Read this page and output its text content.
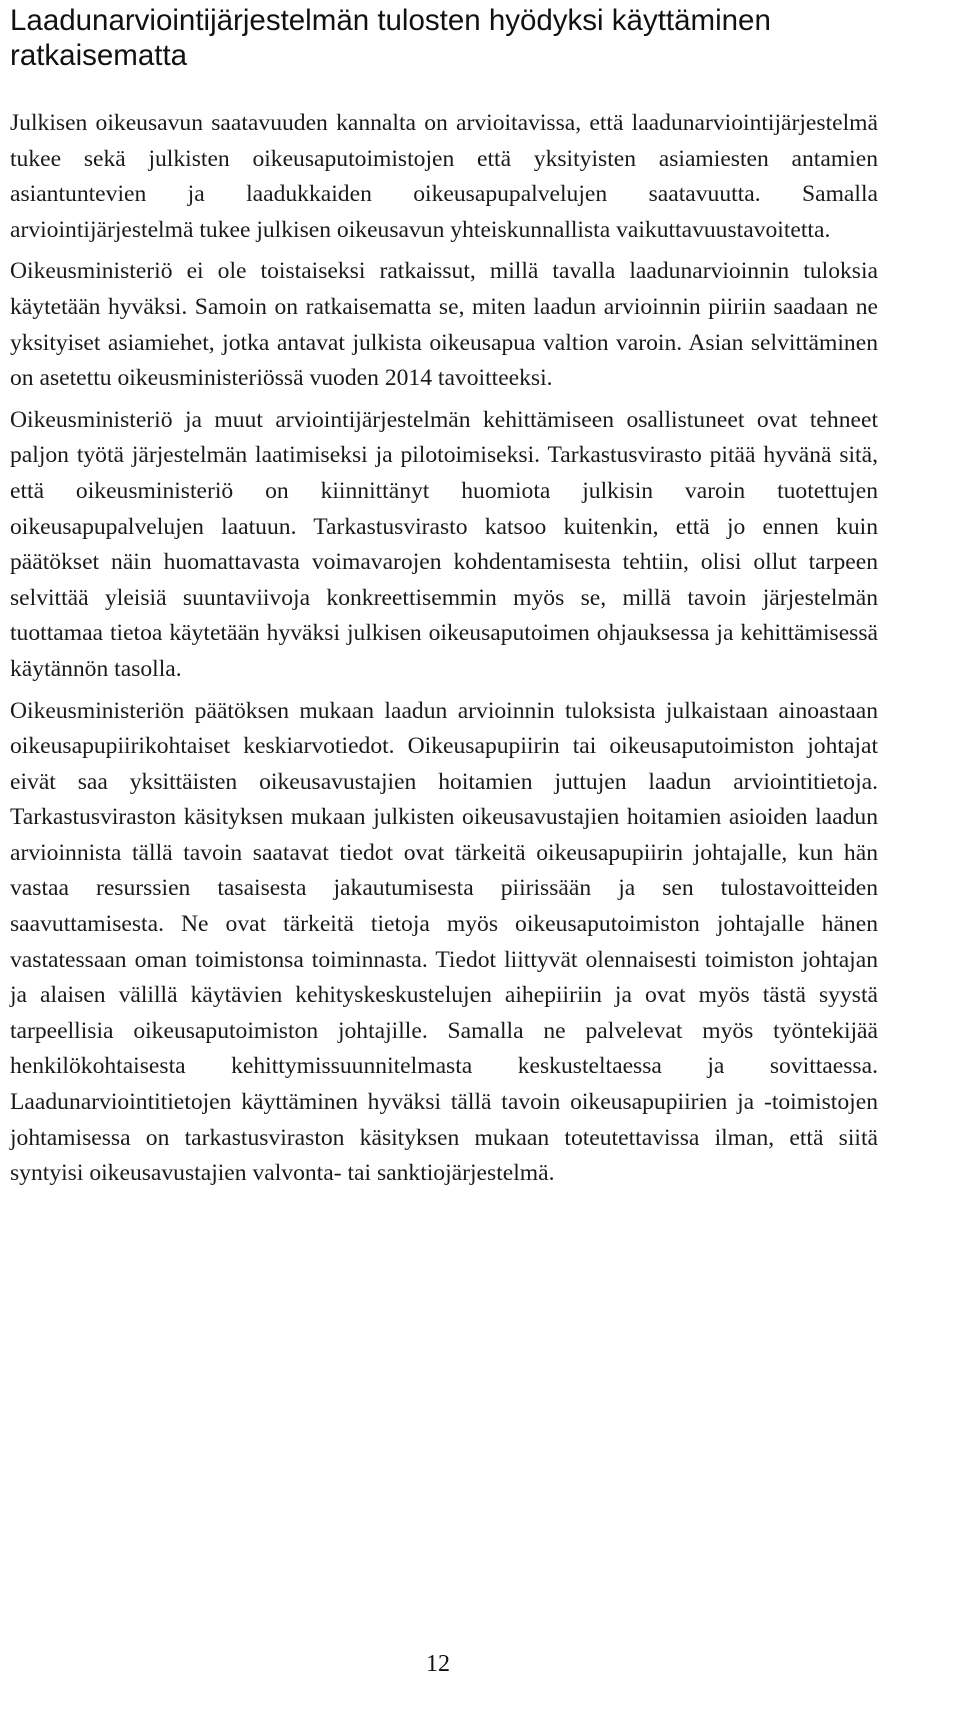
Laadunarviointijärjestelmän tulosten hyödyksi käyttäminen ratkaisematta

Julkisen oikeusavun saatavuuden kannalta on arvioitavissa, että laadunarviointijärjestelmä tukee sekä julkisten oikeusaputoimistojen että yksityisten asiamiesten antamien asiantuntevien ja laadukkaiden oikeusapupalvelujen saatavuutta. Samalla arviointijärjestelmä tukee julkisen oikeusavun yhteiskunnallista vaikuttavuustavoitetta.

Oikeusministeriö ei ole toistaiseksi ratkaissut, millä tavalla laadunarvioinnin tuloksia käytetään hyväksi. Samoin on ratkaisematta se, miten laadun arvioinnin piiriin saadaan ne yksityiset asiamiehet, jotka antavat julkista oikeusapua valtion varoin. Asian selvittäminen on asetettu oikeusministeriössä vuoden 2014 tavoitteeksi.

Oikeusministeriö ja muut arviointijärjestelmän kehittämiseen osallistuneet ovat tehneet paljon työtä järjestelmän laatimiseksi ja pilotoimiseksi. Tarkastusvirasto pitää hyvänä sitä, että oikeusministeriö on kiinnittänyt huomiota julkisin varoin tuotettujen oikeusapupalvelujen laatuun. Tarkastusvirasto katsoo kuitenkin, että jo ennen kuin päätökset näin huomattavasta voimavarojen kohdentamisesta tehtiin, olisi ollut tarpeen selvittää yleisiä suuntaviivoja konkreettisemmin myös se, millä tavoin järjestelmän tuottamaa tietoa käytetään hyväksi julkisen oikeusaputoimen ohjauksessa ja kehittämisessä käytännön tasolla.

Oikeusministeriön päätöksen mukaan laadun arvioinnin tuloksista julkaistaan ainoastaan oikeusapupiirikohtaiset keskiarvotiedot. Oikeusapupiirin tai oikeusaputoimiston johtajat eivät saa yksittäisten oikeusavustajien hoitamien juttujen laadun arviointitietoja. Tarkastusviraston käsityksen mukaan julkisten oikeusavustajien hoitamien asioiden laadun arvioinnista tällä tavoin saatavat tiedot ovat tärkeitä oikeusapupiirin johtajalle, kun hän vastaa resurssien tasaisesta jakautumisesta piirissään ja sen tulostavoitteiden saavuttamisesta. Ne ovat tärkeitä tietoja myös oikeusaputoimiston johtajalle hänen vastatessaan oman toimistonsa toiminnasta. Tiedot liittyvät olennaisesti toimiston johtajan ja alaisen välillä käytävien kehityskeskustelujen aihepiiriin ja ovat myös tästä syystä tarpeellisia oikeusaputoimiston johtajille. Samalla ne palvelevat myös työntekijää henkilökohtaisesta kehittymissuunnitelmasta keskusteltaessa ja sovittaessa. Laadunarviointitietojen käyttäminen hyväksi tällä tavoin oikeusapupiirien ja -toimistojen johtamisessa on tarkastusviraston käsityksen mukaan toteutettavissa ilman, että siitä syntyisi oikeusavustajien valvonta- tai sanktiojärjestelmä.

12
